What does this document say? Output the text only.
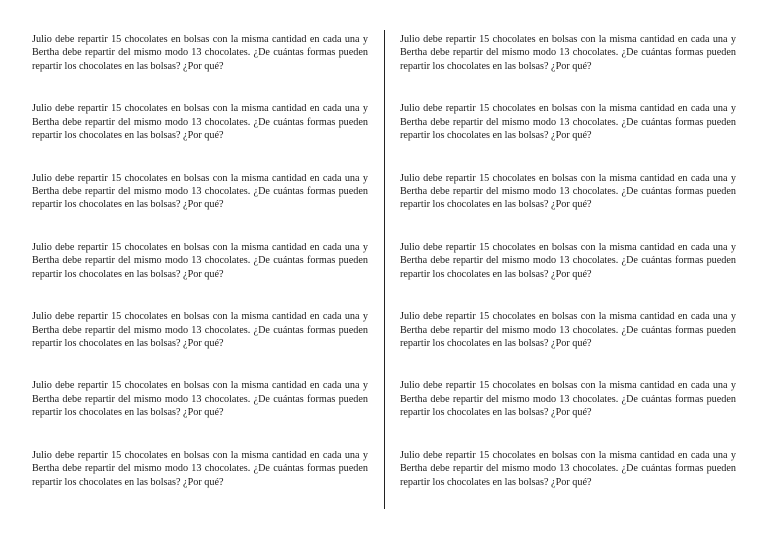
Julio debe repartir 15 chocolates en bolsas con la misma cantidad en cada una y Bertha debe repartir del mismo modo 13 chocolates. ¿De cuántas formas pueden repartir los chocolates en las bolsas? ¿Por qué?

Julio debe repartir 15 chocolates en bolsas con la misma cantidad en cada una y Bertha debe repartir del mismo modo 13 chocolates. ¿De cuántas formas pueden repartir los chocolates en las bolsas? ¿Por qué?

Julio debe repartir 15 chocolates en bolsas con la misma cantidad en cada una y Bertha debe repartir del mismo modo 13 chocolates. ¿De cuántas formas pueden repartir los chocolates en las bolsas? ¿Por qué?

Julio debe repartir 15 chocolates en bolsas con la misma cantidad en cada una y Bertha debe repartir del mismo modo 13 chocolates. ¿De cuántas formas pueden repartir los chocolates en las bolsas? ¿Por qué?

Julio debe repartir 15 chocolates en bolsas con la misma cantidad en cada una y Bertha debe repartir del mismo modo 13 chocolates. ¿De cuántas formas pueden repartir los chocolates en las bolsas? ¿Por qué?

Julio debe repartir 15 chocolates en bolsas con la misma cantidad en cada una y Bertha debe repartir del mismo modo 13 chocolates. ¿De cuántas formas pueden repartir los chocolates en las bolsas? ¿Por qué?

Julio debe repartir 15 chocolates en bolsas con la misma cantidad en cada una y Bertha debe repartir del mismo modo 13 chocolates. ¿De cuántas formas pueden repartir los chocolates en las bolsas? ¿Por qué?

Julio debe repartir 15 chocolates en bolsas con la misma cantidad en cada una y Bertha debe repartir del mismo modo 13 chocolates. ¿De cuántas formas pueden repartir los chocolates en las bolsas? ¿Por qué?

Julio debe repartir 15 chocolates en bolsas con la misma cantidad en cada una y Bertha debe repartir del mismo modo 13 chocolates. ¿De cuántas formas pueden repartir los chocolates en las bolsas? ¿Por qué?

Julio debe repartir 15 chocolates en bolsas con la misma cantidad en cada una y Bertha debe repartir del mismo modo 13 chocolates. ¿De cuántas formas pueden repartir los chocolates en las bolsas? ¿Por qué?

Julio debe repartir 15 chocolates en bolsas con la misma cantidad en cada una y Bertha debe repartir del mismo modo 13 chocolates. ¿De cuántas formas pueden repartir los chocolates en las bolsas? ¿Por qué?

Julio debe repartir 15 chocolates en bolsas con la misma cantidad en cada una y Bertha debe repartir del mismo modo 13 chocolates. ¿De cuántas formas pueden repartir los chocolates en las bolsas? ¿Por qué?

Julio debe repartir 15 chocolates en bolsas con la misma cantidad en cada una y Bertha debe repartir del mismo modo 13 chocolates. ¿De cuántas formas pueden repartir los chocolates en las bolsas? ¿Por qué?

Julio debe repartir 15 chocolates en bolsas con la misma cantidad en cada una y Bertha debe repartir del mismo modo 13 chocolates. ¿De cuántas formas pueden repartir los chocolates en las bolsas? ¿Por qué?
